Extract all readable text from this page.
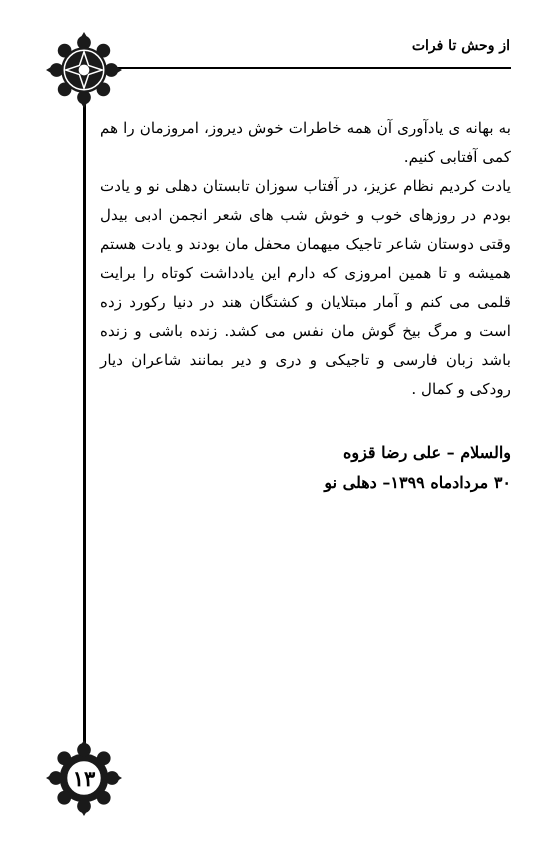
از وحش تا فرات
۱۳

به بهانه ی یادآوری آن همه خاطرات خوش دیروز، امروزمان را هم کمی آفتابی کنیم.

یادت کردیم نظام عزیز، در آفتاب سوزان تابستان دهلی نو و یادت بودم در روزهای خوب و خوش شب های شعر انجمن ادبی بیدل وقتی دوستان شاعر تاجیک میهمان محفل مان بودند و یادت هستم همیشه و تا همین امروزی که دارم این یادداشت کوتاه را برایت قلمی می کنم و آمار مبتلایان و کشتگان هند در دنیا رکورد زده است و مرگ بیخ گوش مان نفس می کشد. زنده باشی و زنده باشد زبان فارسی و تاجیکی و دری و دیر بمانند شاعران دیار رودکی و کمال .

والسلام – علی رضا قزوه
۳۰ مردادماه ۱۳۹۹– دهلی نو
